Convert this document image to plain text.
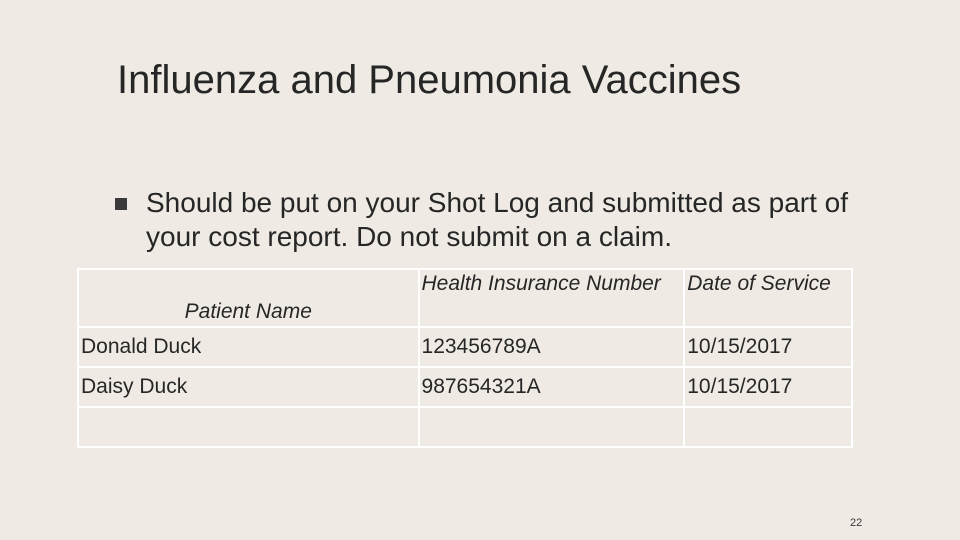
Influenza and Pneumonia Vaccines
Should be put on your Shot Log and submitted as part of your cost report. Do not submit on a claim.
Patient Name	Health Insurance Number	Date of Service
Donald Duck	123456789A	10/15/2017
Daisy Duck	987654321A	10/15/2017

22
